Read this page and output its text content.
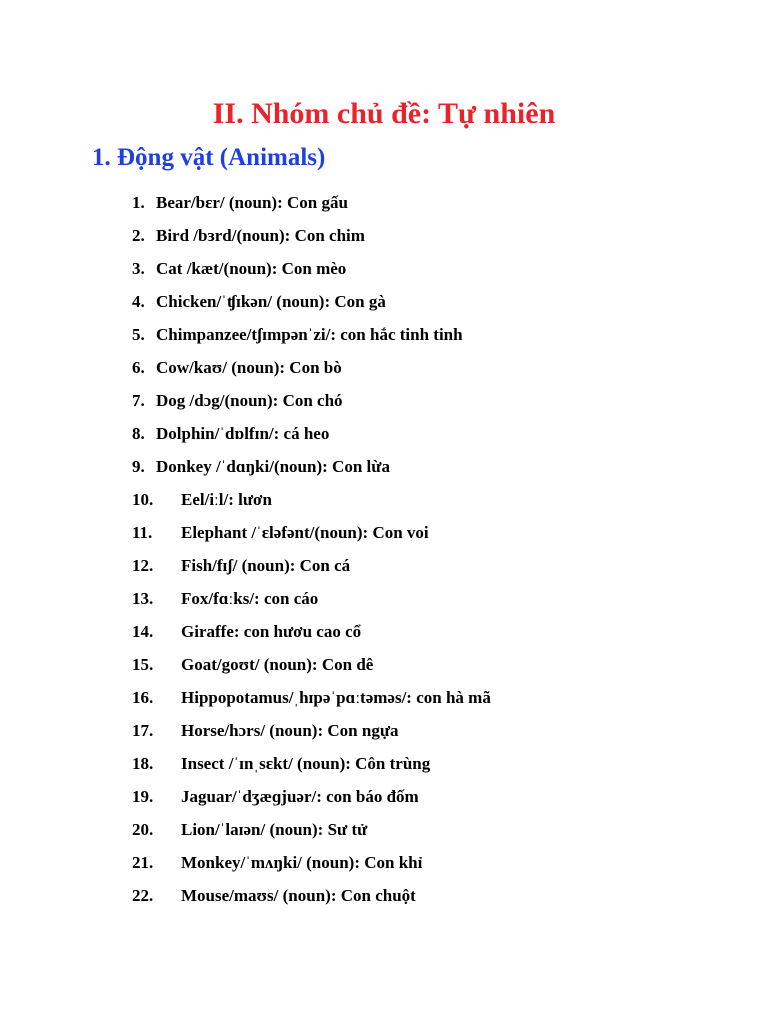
II. Nhóm chủ đề: Tự nhiên
1. Động vật (Animals)
1. Bear/bɛr/ (noun): Con gấu
2. Bird /bɜrd/(noun): Con chim
3. Cat /kæt/(noun): Con mèo
4. Chicken/ˈʧɪkən/ (noun): Con gà
5. Chimpanzee/tʃɪmpənˈzi/: con hắc tinh tinh
6. Cow/kaʊ/ (noun): Con bò
7. Dog /dɔg/(noun): Con chó
8. Dolphin/ˈdɒlfɪn/: cá heo
9. Donkey /ˈdɑŋki/(noun): Con lừa
10. Eel/iːl/: lươn
11. Elephant /ˈɛləfənt/(noun): Con voi
12. Fish/fɪʃ/ (noun): Con cá
13. Fox/fɑːks/: con cáo
14. Giraffe: con hươu cao cổ
15. Goat/goʊt/ (noun): Con dê
16. Hippopotamus/ˌhɪpəˈpɑːtəməs/: con hà mã
17. Horse/hɔrs/ (noun): Con ngựa
18. Insect /ˈɪnˌsɛkt/ (noun): Côn trùng
19. Jaguar/ˈdʒæɡjuər/: con báo đốm
20. Lion/ˈlaɪən/ (noun): Sư tử
21. Monkey/ˈmʌŋki/ (noun): Con khỉ
22. Mouse/maʊs/ (noun): Con chuột
